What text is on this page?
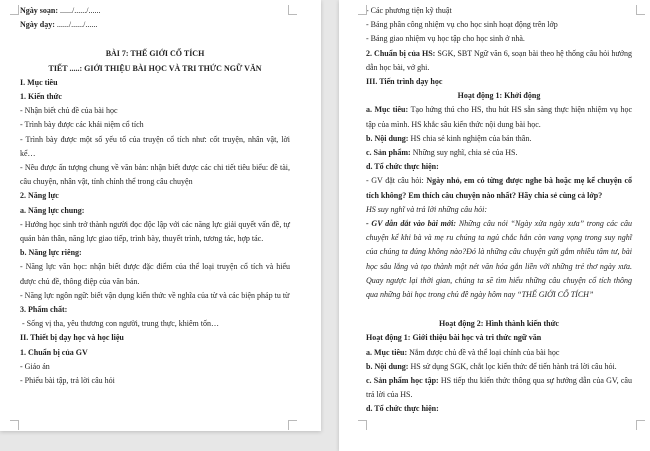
Ngày soạn: ....../....../......

Ngày dạy: ....../....../......

BÀI 7: THẾ GIỚI CỔ TÍCH

TIẾT .....: GIỚI THIỆU BÀI HỌC VÀ TRI THỨC NGỮ VĂN

I. Mục tiêu

1. Kiến thức

- Nhận biết chủ đề của bài học

- Trình bày được các khái niệm cổ tích

- Trình bày được một số yếu tố của truyện cổ tích như: cốt truyện, nhân vật, lời kể…

- Nêu được ấn tượng chung về văn bản: nhận biết được các chi tiết tiêu biểu: đề tài, câu chuyện, nhân vật, tính chỉnh thể trong câu chuyện

2. Năng lực

a. Năng lực chung:

- Hướng học sinh trở thành người đọc độc lập với các năng lực giải quyết vấn đề, tự quản bản thân, năng lực giao tiếp, trình bày, thuyết trình, tương tác, hợp tác.

b. Năng lực riêng:

- Năng lực văn học: nhận biết được đặc điểm của thể loại truyện cổ tích và hiểu được chủ đề, thông điệp của văn bản.

- Năng lực ngôn ngữ: biết vận dụng kiến thức về nghĩa của từ và các biện pháp tu từ

3. Phẩm chất:

- Sống vị tha, yêu thương con người, trung thực, khiêm tốn…

II. Thiết bị dạy học và học liệu

1. Chuẩn bị của GV

- Giáo án

- Phiếu bài tập, trả lời câu hỏi

- Các phương tiện kỹ thuật

- Bảng phân công nhiệm vụ cho học sinh hoạt động trên lớp

- Bảng giao nhiệm vụ học tập cho học sinh ở nhà.

2. Chuẩn bị của HS: SGK, SBT Ngữ văn 6, soạn bài theo hệ thống câu hỏi hướng dẫn học bài, vở ghi.

III. Tiến trình dạy học

Hoạt động 1: Khởi động

a. Mục tiêu: Tạo hứng thú cho HS, thu hút HS sẵn sàng thực hiện nhiệm vụ học tập của mình. HS khắc sâu kiến thức nội dung bài học.

b. Nội dung: HS chia sẻ kinh nghiệm của bản thân.

c. Sản phẩm: Những suy nghĩ, chia sẻ của HS.

d. Tổ chức thực hiện:

- GV đặt câu hỏi: Ngày nhỏ, em có từng được nghe bà hoặc mẹ kể chuyện cổ tích không? Em thích câu chuyện nào nhất? Hãy chia sẻ cùng cả lớp?

HS suy nghĩ và trả lời những câu hỏi:

- GV dẫn dắt vào bài mới: Những câu nói “Ngày xửa ngày xưa” trong các câu chuyện kể khi bà và mẹ ru chúng ta ngủ chắc hẳn còn vang vọng trong suy nghĩ của chúng ta đúng không nào?Đó là những câu chuyện gửi gắm nhiều tâm tư, bài học sâu lắng và tạo thành một nét văn hóa gắn liền với những trẻ thơ ngày xưa. Quay ngược lại thời gian, chúng ta sẽ tìm hiểu những câu chuyện cổ tích thông qua những bài học trong chủ đề ngày hôm nay “THẾ GIỚI CỔ TÍCH”

Hoạt động 2: Hình thành kiến thức

Hoạt động 1: Giới thiệu bài học và tri thức ngữ văn

a. Mục tiêu: Nắm được chủ đề và thể loại chính của bài học

b. Nội dung: HS sử dụng SGK, chắt lọc kiến thức để tiến hành trả lời câu hỏi.

c. Sản phẩm học tập: HS tiếp thu kiến thức thông qua sự hướng dẫn của GV, câu trả lời của HS.

d. Tổ chức thực hiện:
